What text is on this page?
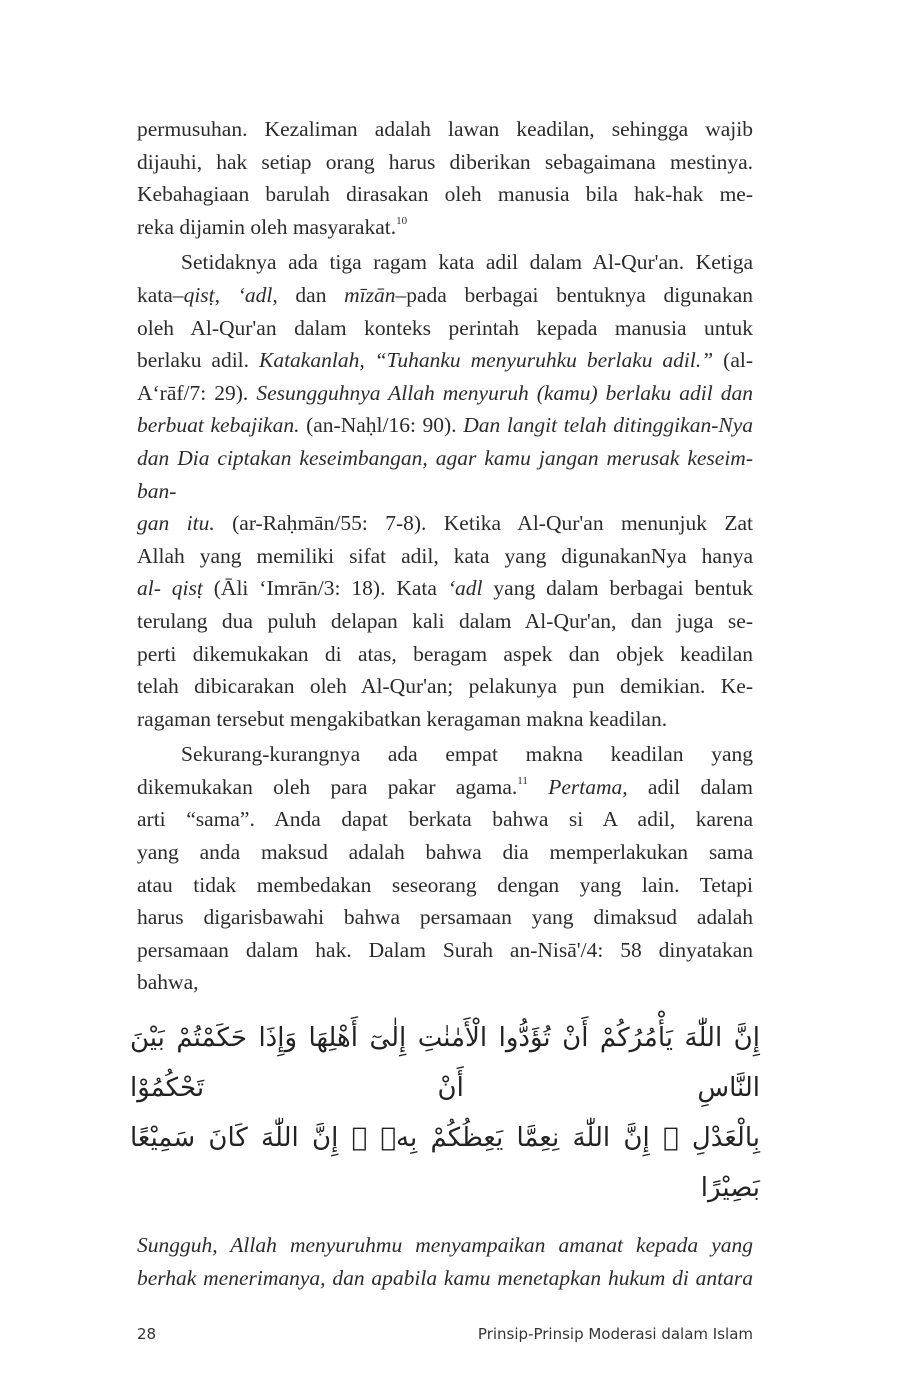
permusuhan. Kezaliman adalah lawan keadilan, sehingga wajib
dijauhi, hak setiap orang harus diberikan sebagaimana mestinya.
Kebahagiaan barulah dirasakan oleh manusia bila hak-hak me-
reka dijamin oleh masyarakat.$^{10}$
Setidaknya ada tiga ragam kata adil dalam Al-Qur'an. Ketiga
kata–qisṭ, ‘adl, dan mīzān–pada berbagai bentuknya digunakan
oleh Al-Qur'an dalam konteks perintah kepada manusia untuk
berlaku adil. Katakanlah, “Tuhanku menyuruhku berlaku adil.” (al-
A‘rāf/7: 29). Sesungguhnya Allah menyuruh (kamu) berlaku adil dan
berbuat kebajikan. (an-Naḥl/16: 90). Dan langit telah ditinggikan-Nya
dan Dia ciptakan keseimbangan, agar kamu jangan merusak keseim-ban-
gan itu. (ar-Raḥmān/55: 7-8). Ketika Al-Qur'an menunjuk Zat
Allah yang memiliki sifat adil, kata yang digunakanNya hanya
al- qisṭ (Āli ‘Imrān/3: 18). Kata ‘adl yang dalam berbagai bentuk
terulang dua puluh delapan kali dalam Al-Qur'an, dan juga se-
perti dikemukakan di atas, beragam aspek dan objek keadilan
telah dibicarakan oleh Al-Qur'an; pelakunya pun demikian. Ke-
ragaman tersebut mengakibatkan keragaman makna keadilan.
Sekurang-kurangnya ada empat makna keadilan yang
dikemukakan oleh para pakar agama.$^{11}$ Pertama, adil dalam
arti “sama”. Anda dapat berkata bahwa si A adil, karena
yang anda maksud adalah bahwa dia memperlakukan sama
atau tidak membedakan seseorang dengan yang lain. Tetapi
harus digarisbawahi bahwa persamaan yang dimaksud adalah
persamaan dalam hak. Dalam Surah an-Nisā'/4: 58 dinyatakan
bahwa,
إِنَّ اللّٰهَ يَأْمُرُكُمْ أَنْ تُؤَدُّوا الْأَمٰنٰتِ إِلٰىٓ أَهْلِهَا وَإِذَا حَكَمْتُمْ بَيْنَ النَّاسِ أَنْ تَحْكُمُوْا
بِالْعَدْلِ ۗ إِنَّ اللّٰهَ نِعِمَّا يَعِظُكُمْ بِهٖ ۗ إِنَّ اللّٰهَ كَانَ سَمِيْعًا بَصِيْرًا
Sungguh, Allah menyuruhmu menyampaikan amanat kepada yang
berhak menerimanya, dan apabila kamu menetapkan hukum di antara
28	Prinsip-Prinsip Moderasi dalam Islam
